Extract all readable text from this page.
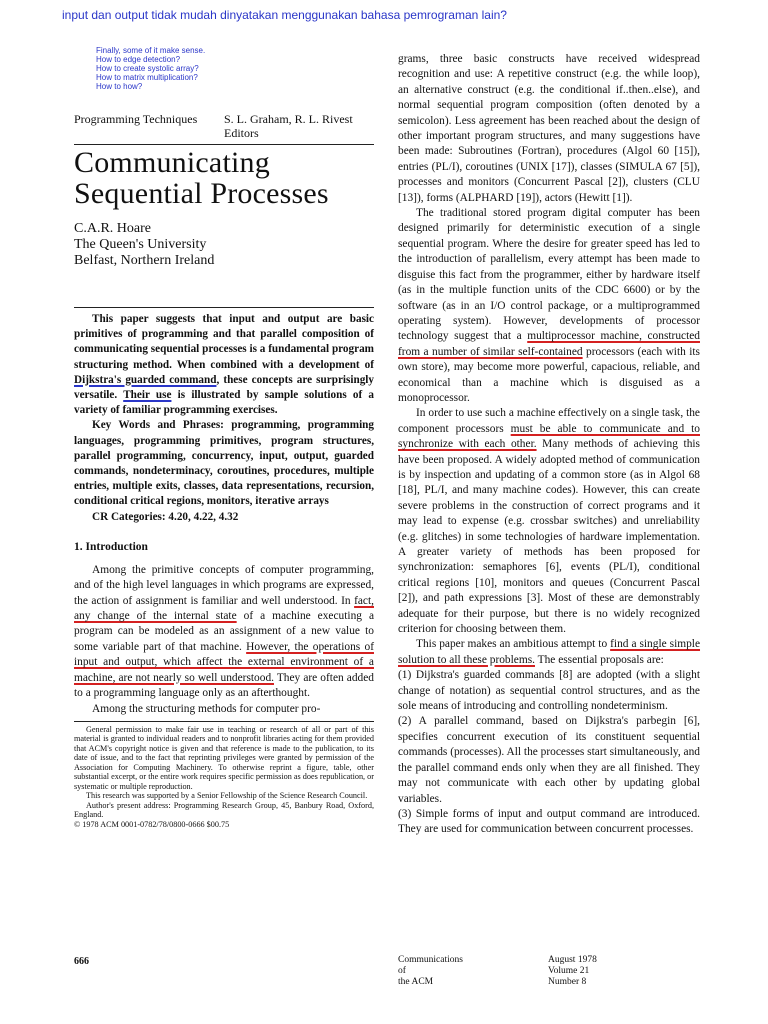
input dan output tidak mudah dinyatakan menggunakan bahasa pemrograman lain?
Finally, some of it make sense.
How to edge detection?
How to create systolic array?
How to matrix multiplication?
How to how?
Programming Techniques	S. L. Graham, R. L. Rivest
Editors
Communicating
Sequential Processes
C.A.R. Hoare
The Queen's University
Belfast, Northern Ireland

This paper suggests that input and output are basic primitives of programming and that parallel composition of communicating sequential processes is a fundamental program structuring method. When combined with a development of Dijkstra's guarded command, these concepts are surprisingly versatile. Their use is illustrated by sample solutions of a variety of familiar programming exercises.

Key Words and Phrases: programming, programming languages, programming primitives, program structures, parallel programming, concurrency, input, output, guarded commands, nondeterminacy, coroutines, procedures, multiple entries, multiple exits, classes, data representations, recursion, conditional critical regions, monitors, iterative arrays

CR Categories: 4.20, 4.22, 4.32

1. Introduction

Among the primitive concepts of computer programming, and of the high level languages in which programs are expressed, the action of assignment is familiar and well understood. In fact, any change of the internal state of a machine executing a program can be modeled as an assignment of a new value to some variable part of that machine. However, the operations of input and output, which affect the external environment of a machine, are not nearly so well understood. They are often added to a programming language only as an afterthought.

Among the structuring methods for computer pro-

General permission to make fair use in teaching or research of all or part of this material is granted to individual readers and to nonprofit libraries acting for them provided that ACM's copyright notice is given and that reference is made to the publication, to its date of issue, and to the fact that reprinting privileges were granted by permission of the Association for Computing Machinery. To otherwise reprint a figure, table, other substantial excerpt, or the entire work requires specific permission as does republication, or systematic or multiple reproduction.

This research was supported by a Senior Fellowship of the Science Research Council.

Author's present address: Programming Research Group, 45, Banbury Road, Oxford, England.

© 1978 ACM 0001-0782/78/0800-0666 $00.75

grams, three basic constructs have received widespread recognition and use: A repetitive construct (e.g. the while loop), an alternative construct (e.g. the conditional if..then..else), and normal sequential program composition (often denoted by a semicolon). Less agreement has been reached about the design of other important program structures, and many suggestions have been made: Subroutines (Fortran), procedures (Algol 60 [15]), entries (PL/I), coroutines (UNIX [17]), classes (SIMULA 67 [5]), processes and monitors (Concurrent Pascal [2]), clusters (CLU [13]), forms (ALPHARD [19]), actors (Hewitt [1]).

The traditional stored program digital computer has been designed primarily for deterministic execution of a single sequential program. Where the desire for greater speed has led to the introduction of parallelism, every attempt has been made to disguise this fact from the programmer, either by hardware itself (as in the multiple function units of the CDC 6600) or by the software (as in an I/O control package, or a multiprogrammed operating system). However, developments of processor technology suggest that a multiprocessor machine, constructed from a number of similar self-contained processors (each with its own store), may become more powerful, capacious, reliable, and economical than a machine which is disguised as a monoprocessor.

In order to use such a machine effectively on a single task, the component processors must be able to communicate and to synchronize with each other. Many methods of achieving this have been proposed. A widely adopted method of communication is by inspection and updating of a common store (as in Algol 68 [18], PL/I, and many machine codes). However, this can create severe problems in the construction of correct programs and it may lead to expense (e.g. crossbar switches) and unreliability (e.g. glitches) in some technologies of hardware implementation. A greater variety of methods has been proposed for synchronization: semaphores [6], events (PL/I), conditional critical regions [10], monitors and queues (Concurrent Pascal [2]), and path expressions [3]. Most of these are demonstrably adequate for their purpose, but there is no widely recognized criterion for choosing between them.

This paper makes an ambitious attempt to find a single simple solution to all these problems. The essential proposals are:

(1) Dijkstra's guarded commands [8] are adopted (with a slight change of notation) as sequential control structures, and as the sole means of introducing and controlling nondeterminism.

(2) A parallel command, based on Dijkstra's parbegin [6], specifies concurrent execution of its constituent sequential commands (processes). All the processes start simultaneously, and the parallel command ends only when they are all finished. They may not communicate with each other by updating global variables.

(3) Simple forms of input and output command are introduced. They are used for communication between concurrent processes.

666	Communications
of
the ACM
August 1978
Volume 21
Number 8
